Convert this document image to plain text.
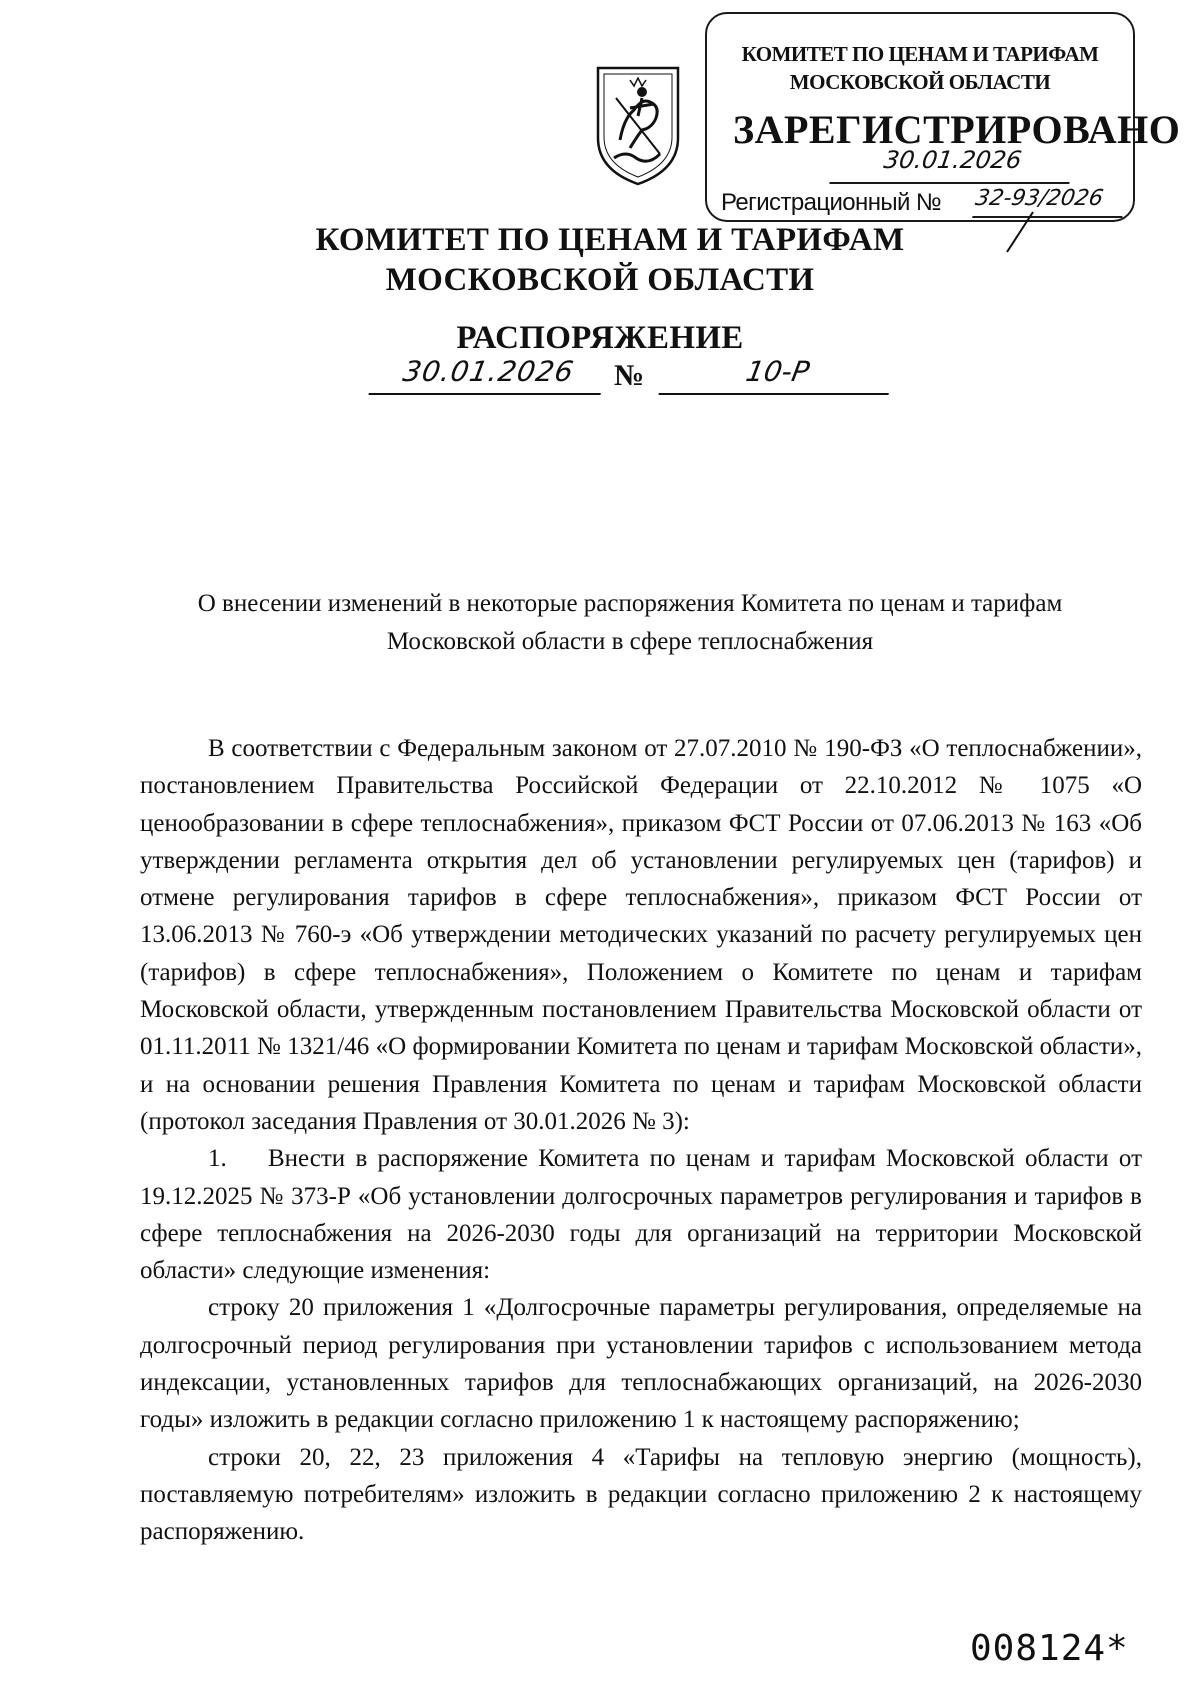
КОМИТЕТ ПО ЦЕНАМ И ТАРИФАМ
МОСКОВСКОЙ ОБЛАСТИ
ЗАРЕГИСТРИРОВАНО
30.01.2026
Регистрационный № 32-93/2026
КОМИТЕТ ПО ЦЕНАМ И ТАРИФАМ
МОСКОВСКОЙ ОБЛАСТИ
РАСПОРЯЖЕНИЕ
30.01.2026	№	10-Р
О внесении изменений в некоторые распоряжения Комитета по ценам и тарифам
Московской области в сфере теплоснабжения

В соответствии с Федеральным законом от 27.07.2010 № 190-ФЗ «О теплоснабжении», постановлением Правительства Российской Федерации от 22.10.2012 № 1075 «О ценообразовании в сфере теплоснабжения», приказом ФСТ России от 07.06.2013 № 163 «Об утверждении регламента открытия дел об установлении регулируемых цен (тарифов) и отмене регулирования тарифов в сфере теплоснабжения», приказом ФСТ России от 13.06.2013 № 760-э «Об утверждении методических указаний по расчету регулируемых цен (тарифов) в сфере теплоснабжения», Положением о Комитете по ценам и тарифам Московской области, утвержденным постановлением Правительства Московской области от 01.11.2011 № 1321/46 «О формировании Комитета по ценам и тарифам Московской области», и на основании решения Правления Комитета по ценам и тарифам Московской области (протокол заседания Правления от 30.01.2026 № 3):

1. Внести в распоряжение Комитета по ценам и тарифам Московской области от 19.12.2025 № 373-Р «Об установлении долгосрочных параметров регулирования и тарифов в сфере теплоснабжения на 2026-2030 годы для организаций на территории Московской области» следующие изменения:

строку 20 приложения 1 «Долгосрочные параметры регулирования, определяемые на долгосрочный период регулирования при установлении тарифов с использованием метода индексации, установленных тарифов для теплоснабжающих организаций, на 2026-2030 годы» изложить в редакции согласно приложению 1 к настоящему распоряжению;

строки 20, 22, 23 приложения 4 «Тарифы на тепловую энергию (мощность), поставляемую потребителям» изложить в редакции согласно приложению 2 к настоящему распоряжению.

008124*
